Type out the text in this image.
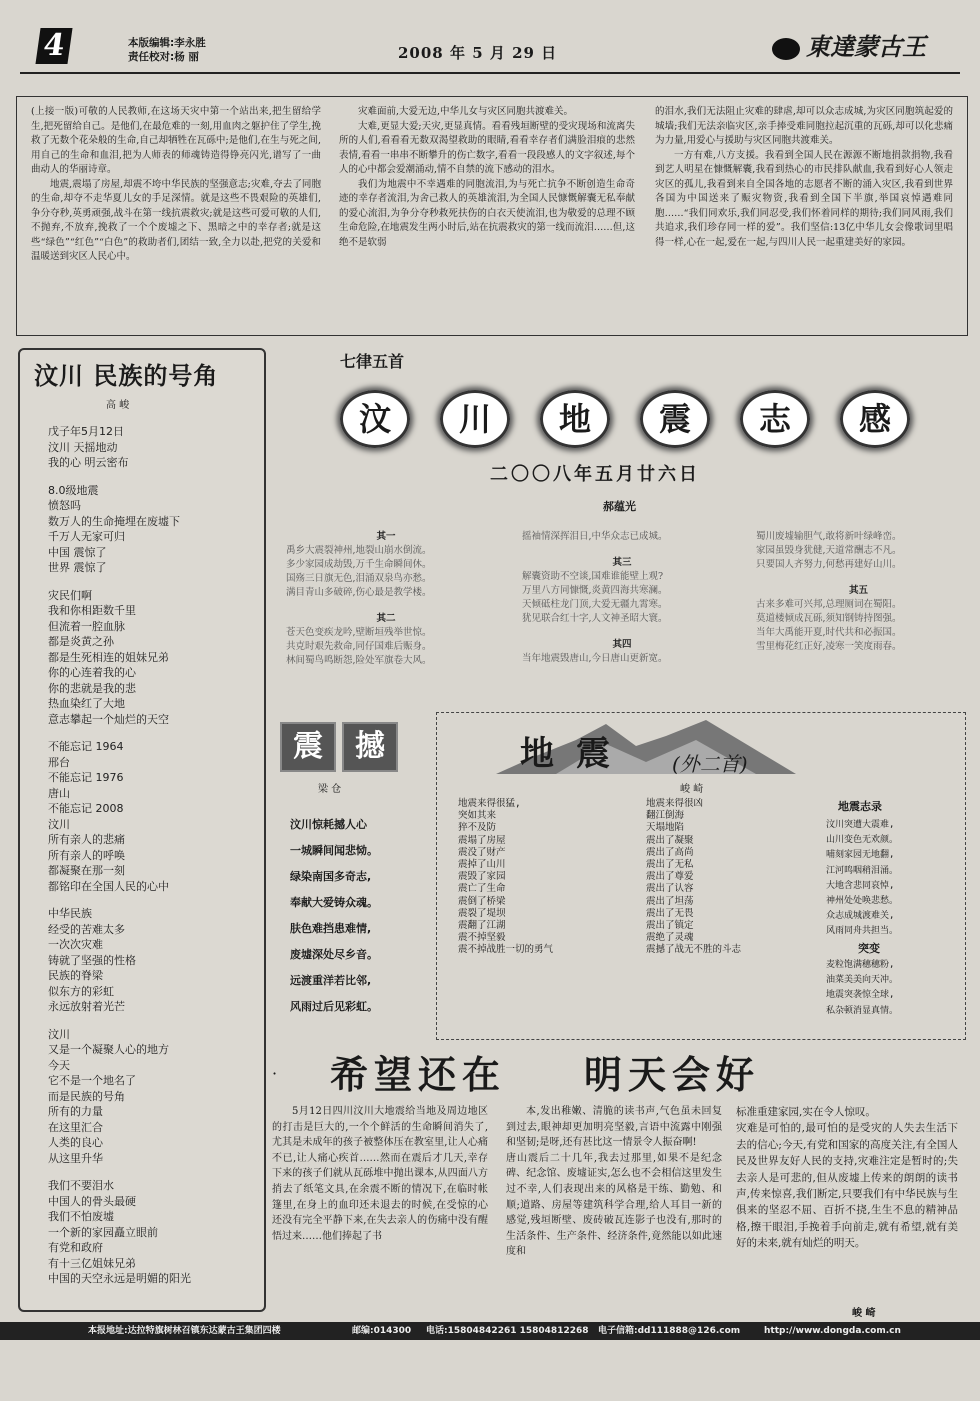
4	本版编辑:李永胜
责任校对:杨 丽	2008 年 5 月 29 日	東達蒙古王

(上接一版)可敬的人民教师,在这场天灾中第一个站出来,把生留给学生,把死留给自己。是他们,在最危难的一刻,用血肉之躯护住了学生,挽救了无数个花朵般的生命,自己却牺牲在瓦砾中;是他们,在生与死之间,用自己的生命和血泪,把为人师表的师魂铸造得铮亮闪光,谱写了一曲曲动人的华丽诗章。

地震,震塌了房屋,却震不垮中华民族的坚强意志;灾难,夺去了同胞的生命,却夺不走华夏儿女的手足深情。就是这些不畏艰险的英雄们,争分夺秒,英勇顽强,战斗在第一线抗震救灾;就是这些可爱可敬的人们,不抛弃,不放弃,挽救了一个个废墟之下、黑暗之中的幸存者;就是这些“绿色”“红色”“白色”的救助者们,团结一致,全力以赴,把党的关爱和温暖送到灾区人民心中。

灾难面前,大爱无边,中华儿女与灾区同胞共渡难关。

大难,更显大爱;天灾,更显真情。看看残垣断壁的受灾现场和流离失所的人们,看看看无数双渴望救助的眼睛,看看幸存者们满脸泪痕的悲然表情,看看一串串不断攀升的伤亡数字,看看一段段感人的文字叙述,每个人的心中都会爱潮涌动,情不自禁的流下感动的泪水。

我们为地震中不幸遇难的同胞流泪,为与死亡抗争不断创造生命奇迹的幸存者流泪,为舍己救人的英雄流泪,为全国人民慷慨解囊无私奉献的爱心流泪,为争分夺秒救死扶伤的白衣天使流泪,也为敬爱的总理不顾生命危险,在地震发生两小时后,站在抗震救灾的第一线而流泪……但,这绝不是软弱

的泪水,我们无法阻止灾难的肆虐,却可以众志成城,为灾区同胞筑起爱的城墙;我们无法亲临灾区,亲手捧受难同胞拉起沉重的瓦砾,却可以化悲痛为力量,用爱心与援助与灾区同胞共渡难关。

一方有难,八方支援。我看到全国人民在源源不断地捐款捐物,我看到艺人明星在慷慨解囊,我看到热心的市民排队献血,我看到好心人领走灾区的孤儿,我看到来自全国各地的志愿者不断的涌入灾区,我看到世界各国为中国送来了赈灾物资,我看到全国下半旗,举国哀悼遇难同胞……“我们同欢乐,我们同忍受,我们怀着同样的期待;我们同风雨,我们共追求,我们珍存同一样的爱”。我们坚信:13亿中华儿女会像歌词里唱得一样,心在一起,爱在一起,与四川人民一起重建美好的家园。

汶川 民族的号角
高 峻
戊子年5月12日
汶川 天摇地动
我的心 明云密布
8.0级地震
愤怒吗
数万人的生命掩埋在废墟下
千万人无家可归
中国 震惊了
世界 震惊了
灾民们啊
我和你相距数千里
但流着一腔血脉
都是炎黄之孙
都是生死相连的姐妹兄弟
你的心连着我的心
你的悲就是我的悲
热血染红了大地
意志攀起一个灿烂的天空
不能忘记 1964
邢台
不能忘记 1976
唐山
不能忘记 2008
汶川
所有亲人的悲痛
所有亲人的呼唤
都凝聚在那一刻
都铭印在全国人民的心中
中华民族
经受的苦难太多
一次次灾难
铸就了坚强的性格
民族的脊梁
似东方的彩虹
永远放射着光芒
汶川
又是一个凝聚人心的地方
今天
它不是一个地名了
而是民族的号角
所有的力量
在这里汇合
人类的良心
从这里升华
我们不要泪水
中国人的骨头最硬
我们不怕废墟
一个新的家园矗立眼前
有党和政府
有十三亿姐妹兄弟
中国的天空永远是明媚的阳光
七律五首
汶	川	地	震	志	感
二〇〇八年五月廿六日
郝蕴光
其一
禹乡大震裂神州,地裂山崩水倒流。
多少家园成劫毁,万千生命瞬间休。
国殇三日旗无色,泪涌双泉鸟亦愁。
满目青山多破碎,伤心最是教学楼。
其二
苍天色变疾龙吟,壁断垣残举世惊。
共克时艰先救命,同仔国难后赈身。
林间蜀鸟鸣断怨,险处军旗卷大风。
摇袖情深挥泪日,中华众志已成城。
其三
解囊资助不空谈,国难谁能壁上观?
万里八方同慷慨,炎黄四海共寒澜。
天倾砥柱龙门顶,大爱无疆九霄寒。
犹见联合红十字,人文神圣昭大寰。
其四
当年地震毁唐山,今日唐山更新宽。
蜀川废墟输胆气,敢将新叶绿峰峦。
家园虽毁身犹健,天道常酬志不凡。
只要国人齐努力,何愁再建好山川。
其五
古来多难可兴邦,总理厕词在蜀阳。
莫道楼倾成瓦砾,须知钢铸持图强。
当年大禹能开夏,时代共和必振国。
雪里梅花红正好,凌寒一笑度雨春。
震	撼
梁 仓
汶川惊耗撼人心
一城瞬间闻悲恸。
绿染南国多奇志,
奉献大爱铸众魂。
肤色难挡患难情,
废墟深处尽乡音。
远渡重洋若比邻,
风雨过后见彩虹。
地震 (外二首)
峻 崎
地震来得很猛,
突如其来
猝不及防
震塌了房屋
震没了财产
震掉了山川
震毁了家园
震亡了生命
震倒了桥梁
震裂了堤坝
震翻了江湖
震不掉坚毅
震不掉战胜一切的勇气
地震来得很凶
翻江倒海
天塌地陷
震出了凝聚
震出了高尚
震出了无私
震出了尊爱
震出了认容
震出了坦荡
震出了无畏
震出了镇定
震绝了灵魂
震撼了战无不胜的斗志
地震志录
汶川突遭大震难,
山川变色无欢颜。
哺刻家园无地翻,
江河鸣咽稍泪涌。
大地含悲同哀悼,
神州处处唤悲愁。
众志成城渡难关,
风雨同舟共担当。
突变
麦粒饱满穗穗粉,
油菜美美向天冲。
地震突袭惊全球,
私杂顿消显真情。
· 希望还在 明天会好
5月12日四川汶川大地震给当地及周边地区的打击是巨大的,一个个鲜活的生命瞬间消失了,尤其是未成年的孩子被整体压在教室里,让人心痛不已,让人痛心疾首……然而在震后才几天,幸存下来的孩子们就从瓦砾堆中抛出课本,从四面八方捎去了纸笔文具,在余震不断的情况下,在临时帐篷里,在身上的血印还未退去的时候,在受惊的心还没有完全平静下来,在失去亲人的伤痛中没有醒悟过来……他们捧起了书
本,发出稚嫩、清脆的读书声,气色虽未回复到过去,眼神却更加明亮坚毅,言语中流露中刚强和坚韧;是呀,还有甚比这一情景令人振奋啊!
唐山震后二十几年,我去过那里,如果不是纪念碑、纪念馆、废墟证实,怎么也不会相信这里发生过不幸,人们表现出来的风格是干练、勤勉、和顺;道路、房屋等建筑科学合理,给人耳目一新的感觉,残垣断壁、废砖破瓦连影子也没有,那时的生活条件、生产条件、经济条件,竟然能以如此速度和
标准重建家园,实在令人惊叹。
灾难是可怕的,最可怕的是受灾的人失去生活下去的信心;今天,有党和国家的高度关注,有全国人民及世界友好人民的支持,灾难注定是暂时的;失去亲人是可悲的,但从废墟上传来的朗朗的读书声,传来惊喜,我们断定,只要我们有中华民族与生俱来的坚忍不屈、百折不挠,生生不息的精神品格,擦干眼泪,手挽着手向前走,就有希望,就有美好的未来,就有灿烂的明天。
峻 崎
本报地址:达拉特旗树林召镇东达蒙古王集团四楼	邮编:014300 电话:15804842261 15804812268 电子信箱:dd111888@126.com	http://www.dongda.com.cn
